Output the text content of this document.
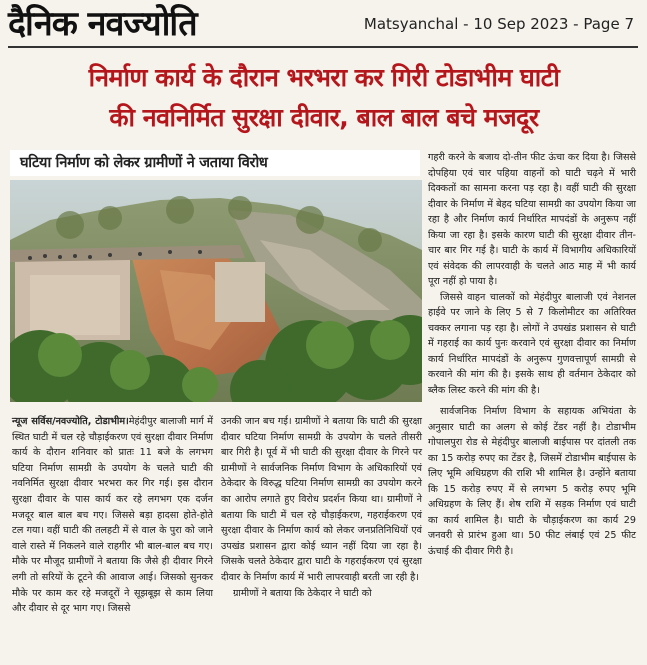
दैनिक नवज्योति	Matsyanchal - 10 Sep 2023 - Page 7
निर्माण कार्य के दौरान भरभरा कर गिरी टोडाभीम घाटी
की नवनिर्मित सुरक्षा दीवार, बाल बाल बचे मजदूर
घटिया निर्माण को लेकर ग्रामीणों ने जताया विरोध
न्यूज सर्विस/नवज्योति, टोडाभीम।मेहंदीपुर बालाजी मार्ग में स्थित घाटी में चल रहे चौड़ाईकरण एवं सुरक्षा दीवार निर्माण कार्य के दौरान शनिवार को प्रातः 11 बजे के लगभग घटिया निर्माण सामग्री के उपयोग के चलते घाटी की नवनिर्मित सुरक्षा दीवार भरभरा कर गिर गई। इस दौरान सुरक्षा दीवार के पास कार्य कर रहे लगभग एक दर्जन मजदूर बाल बाल बच गए। जिससे बड़ा हादसा होते-होते टल गया। वहीं घाटी की तलहटी में से वाल के पुरा को जाने वाले रास्ते में निकलने वाले राहगीर भी बाल-बाल बच गए। मौके पर मौजूद ग्रामीणों ने बताया कि जैसे ही दीवार गिरने लगी तो सरियों के टूटने की आवाज आई। जिसको सुनकर मौके पर काम कर रहे मजदूरों ने सूझबूझ से काम लिया और दीवार से दूर भाग गए। जिससे
उनकी जान बच गई। ग्रामीणों ने बताया कि घाटी की सुरक्षा दीवार घटिया निर्माण सामग्री के उपयोग के चलते तीसरी बार गिरी है। पूर्व में भी घाटी की सुरक्षा दीवार के गिरने पर ग्रामीणों ने सार्वजनिक निर्माण विभाग के अधिकारियों एवं ठेकेदार के विरुद्ध घटिया निर्माण सामग्री का उपयोग करने का आरोप लगाते हुए विरोध प्रदर्शन किया था। ग्रामीणों ने बताया कि घाटी में चल रहे चौड़ाईकरण, गहराईकरण एवं सुरक्षा दीवार के निर्माण कार्य को लेकर जनप्रतिनिधियों एवं उपखंड प्रशासन द्वारा कोई ध्यान नहीं दिया जा रहा है। जिसके चलते ठेकेदार द्वारा घाटी के गहराईकरण एवं सुरक्षा दीवार के निर्माण कार्य में भारी लापरवाही बरती जा रही है।
ग्रामीणों ने बताया कि ठेकेदार ने घाटी को

गहरी करने के बजाय दो-तीन फीट ऊंचा कर दिया है। जिससे दोपहिया एवं चार पहिया वाहनों को घाटी चढ़ने में भारी दिक्कतों का सामना करना पड़ रहा है। वहीं घाटी की सुरक्षा दीवार के निर्माण में बेहद घटिया सामग्री का उपयोग किया जा रहा है और निर्माण कार्य निर्धारित मापदंडों के अनुरूप नहीं किया जा रहा है। इसके कारण घाटी की सुरक्षा दीवार तीन-चार बार गिर गई है। घाटी के कार्य में विभागीय अधिकारियों एवं संवेदक की लापरवाही के चलते आठ माह में भी कार्य पूरा नहीं हो पाया है।

जिससे वाहन चालकों को मेहंदीपुर बालाजी एवं नेशनल हाईवे पर जाने के लिए 5 से 7 किलोमीटर का अतिरिक्त चक्कर लगाना पड़ रहा है। लोगों ने उपखंड प्रशासन से घाटी में गहराई का कार्य पुनः करवाने एवं सुरक्षा दीवार का निर्माण कार्य निर्धारित मापदंडों के अनुरूप गुणवत्तापूर्ण सामग्री से करवाने की मांग की है। इसके साथ ही वर्तमान ठेकेदार को ब्लैक लिस्ट करने की मांग की है।

सार्वजनिक निर्माण विभाग के सहायक अभियंता के अनुसार घाटी का अलग से कोई टेंडर नहीं है। टोडाभीम गोपालपुरा रोड से मेहंदीपुर बालाजी बाईपास पर दांतली तक का 15 करोड़ रुपए का टेंडर है, जिसमें टोडाभीम बाईपास के लिए भूमि अधिग्रहण की राशि भी शामिल है। उन्होंने बताया कि 15 करोड़ रुपए में से लगभग 5 करोड़ रुपए भूमि अधिग्रहण के लिए हैं। शेष राशि में सड़क निर्माण एवं घाटी का कार्य शामिल है। घाटी के चौड़ाईकरण का कार्य 29 जनवरी से प्रारंभ हुआ था। 50 फीट लंबाई एवं 25 फीट ऊंचाई की दीवार गिरी है।
